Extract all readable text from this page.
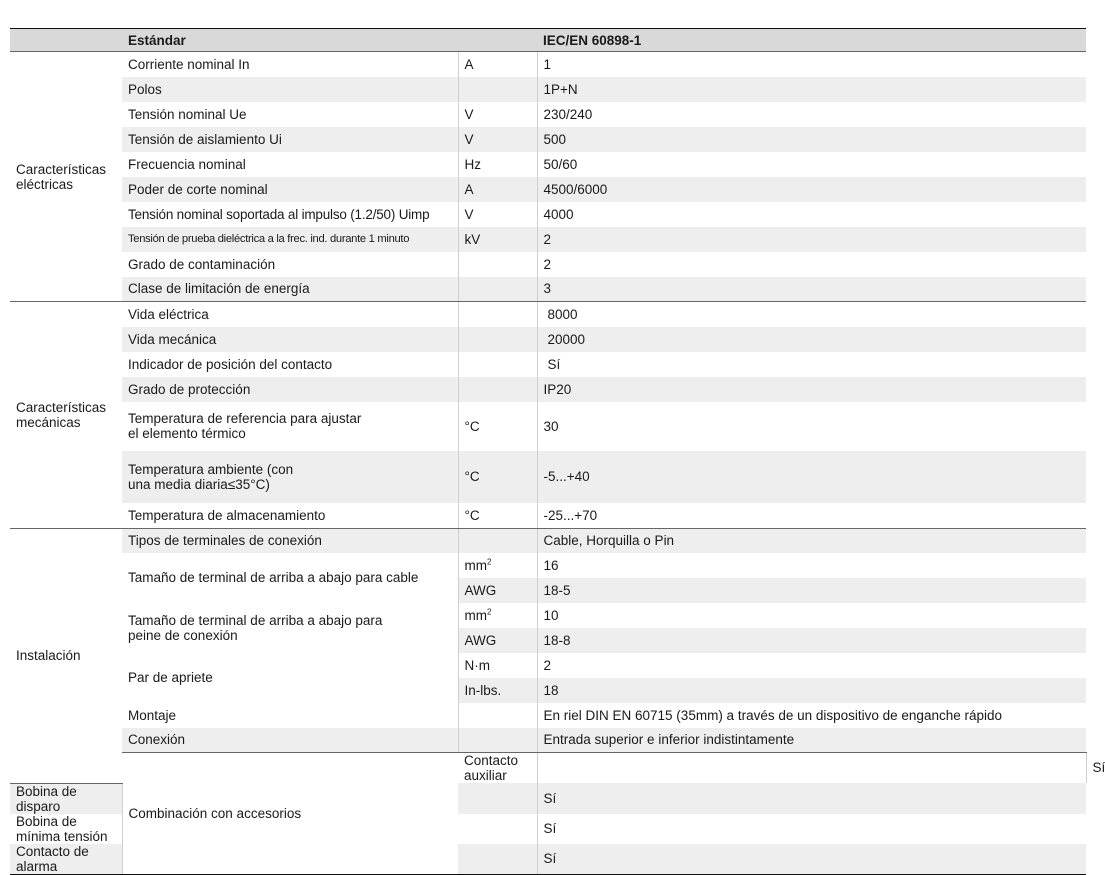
	Estándar		IEC/EN 60898-1	
Características eléctricas	Corriente nominal In	A	1	
	Polos		1P+N	
	Tensión nominal Ue	V	230/240	
	Tensión de aislamiento Ui	V	500	
	Frecuencia nominal	Hz	50/60	
	Poder de corte nominal	A	4500/6000	
	Tensión nominal soportada al impulso (1.2/50) Uimp	V	4000	
	Tensión de prueba dieléctrica a la frec. ind. durante 1 minuto	kV	2	
	Grado de contaminación		2	
	Clase de limitación de energía		3	
Características mecánicas	Vida eléctrica		8000	
	Vida mecánica		20000	
	Indicador de posición del contacto		Sí	
	Grado de protección		IP20	

	Temperatura de referencia para ajustar
el elemento térmico	°C	30	

	Temperatura ambiente (con
una media diaria≤35°C)	°C	-5...+40	
	Temperatura de almacenamiento	°C	-25...+70	
Instalación	Tipos de terminales de conexión		Cable, Horquilla o Pin	
	Tamaño de terminal de arriba a abajo para cable	$mm^2$	16	
		AWG	18-5	

	Tamaño de terminal de arriba a abajo para
peine de conexión	$mm^2$	10	
		AWG	18-8	
	Par de apriete	N·m	2	
		In-lbs.	18	
	Montaje		En riel DIN EN 60715 (35mm) a través de un dispositivo de enganche rápido	
	Conexión		Entrada superior e inferior indistintamente	
	Combinación con accesorios	Contacto auxiliar		Sí
Bobina de disparo			Sí	
Bobina de mínima tensión			Sí	
Contacto de alarma			Sí	
